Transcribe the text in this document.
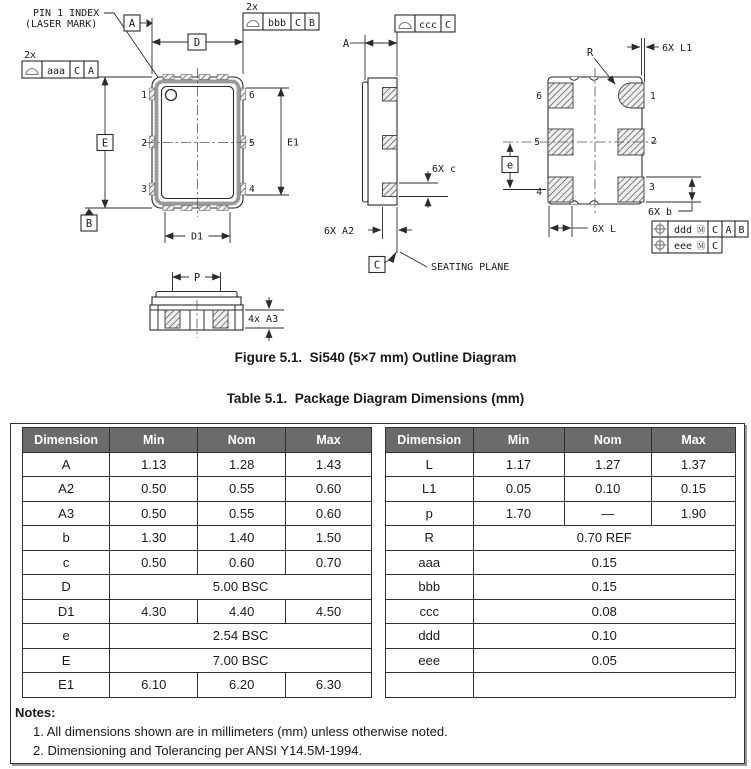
PIN 1 INDEX
(LASER MARK)
D
A
E
B
D1
E1
2x
aaa C A
2x
bbb C B
1
2
3
6
5
4
A
ccc C
6X c
6X A2
C	SEATING PLANE
R	6X L1
e
6X b
6X L	ddd Ⓜ C A B
eee Ⓜ C
6
5
4
1
2
3
P
4x A3
Figure 5.1.  Si540 (5×7 mm) Outline Diagram
Table 5.1.  Package Diagram Dimensions (mm)
Dimension	Min	Nom	Max
A	1.13	1.28	1.43
A2	0.50	0.55	0.60
A3	0.50	0.55	0.60
b	1.30	1.40	1.50
c	0.50	0.60	0.70
D	5.00 BSC		
D1	4.30	4.40	4.50
e	2.54 BSC		
E	7.00 BSC		
E1	6.10	6.20	6.30
Dimension	Min	Nom	Max
L	1.17	1.27	1.37
L1	0.05	0.10	0.15
p	1.70	—	1.90
R	0.70 REF		
aaa	0.15		
bbb	0.15		
ccc	0.08		
ddd	0.10		
eee	0.05		

Notes:
1. All dimensions shown are in millimeters (mm) unless otherwise noted.
2. Dimensioning and Tolerancing per ANSI Y14.5M-1994.
